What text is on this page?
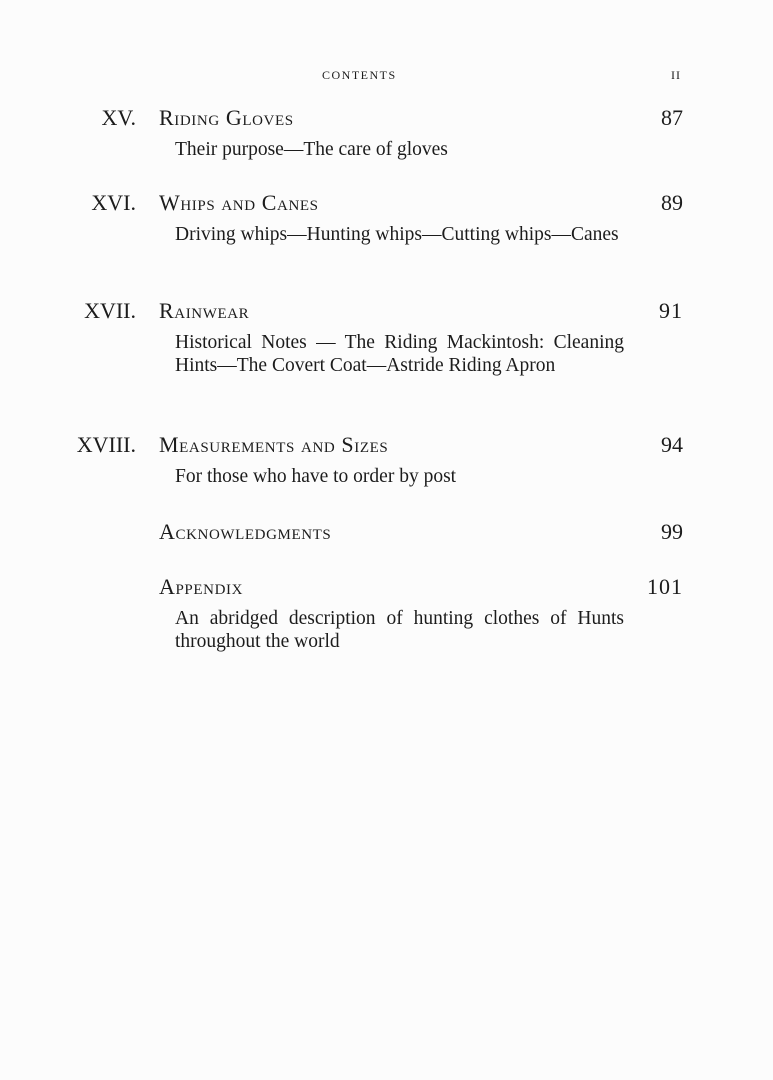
contents	ii
XV. Riding Gloves	87
Their purpose—The care of gloves
XVI. Whips and Canes	89
Driving whips—Hunting whips—Cutting whips—Canes
XVII. Rainwear	91
Historical Notes — The Riding Mackintosh: Cleaning Hints—The Covert Coat—Astride Riding Apron
XVIII. Measurements and Sizes	94
For those who have to order by post
Acknowledgments	99
Appendix	101
An abridged description of hunting clothes of Hunts throughout the world
